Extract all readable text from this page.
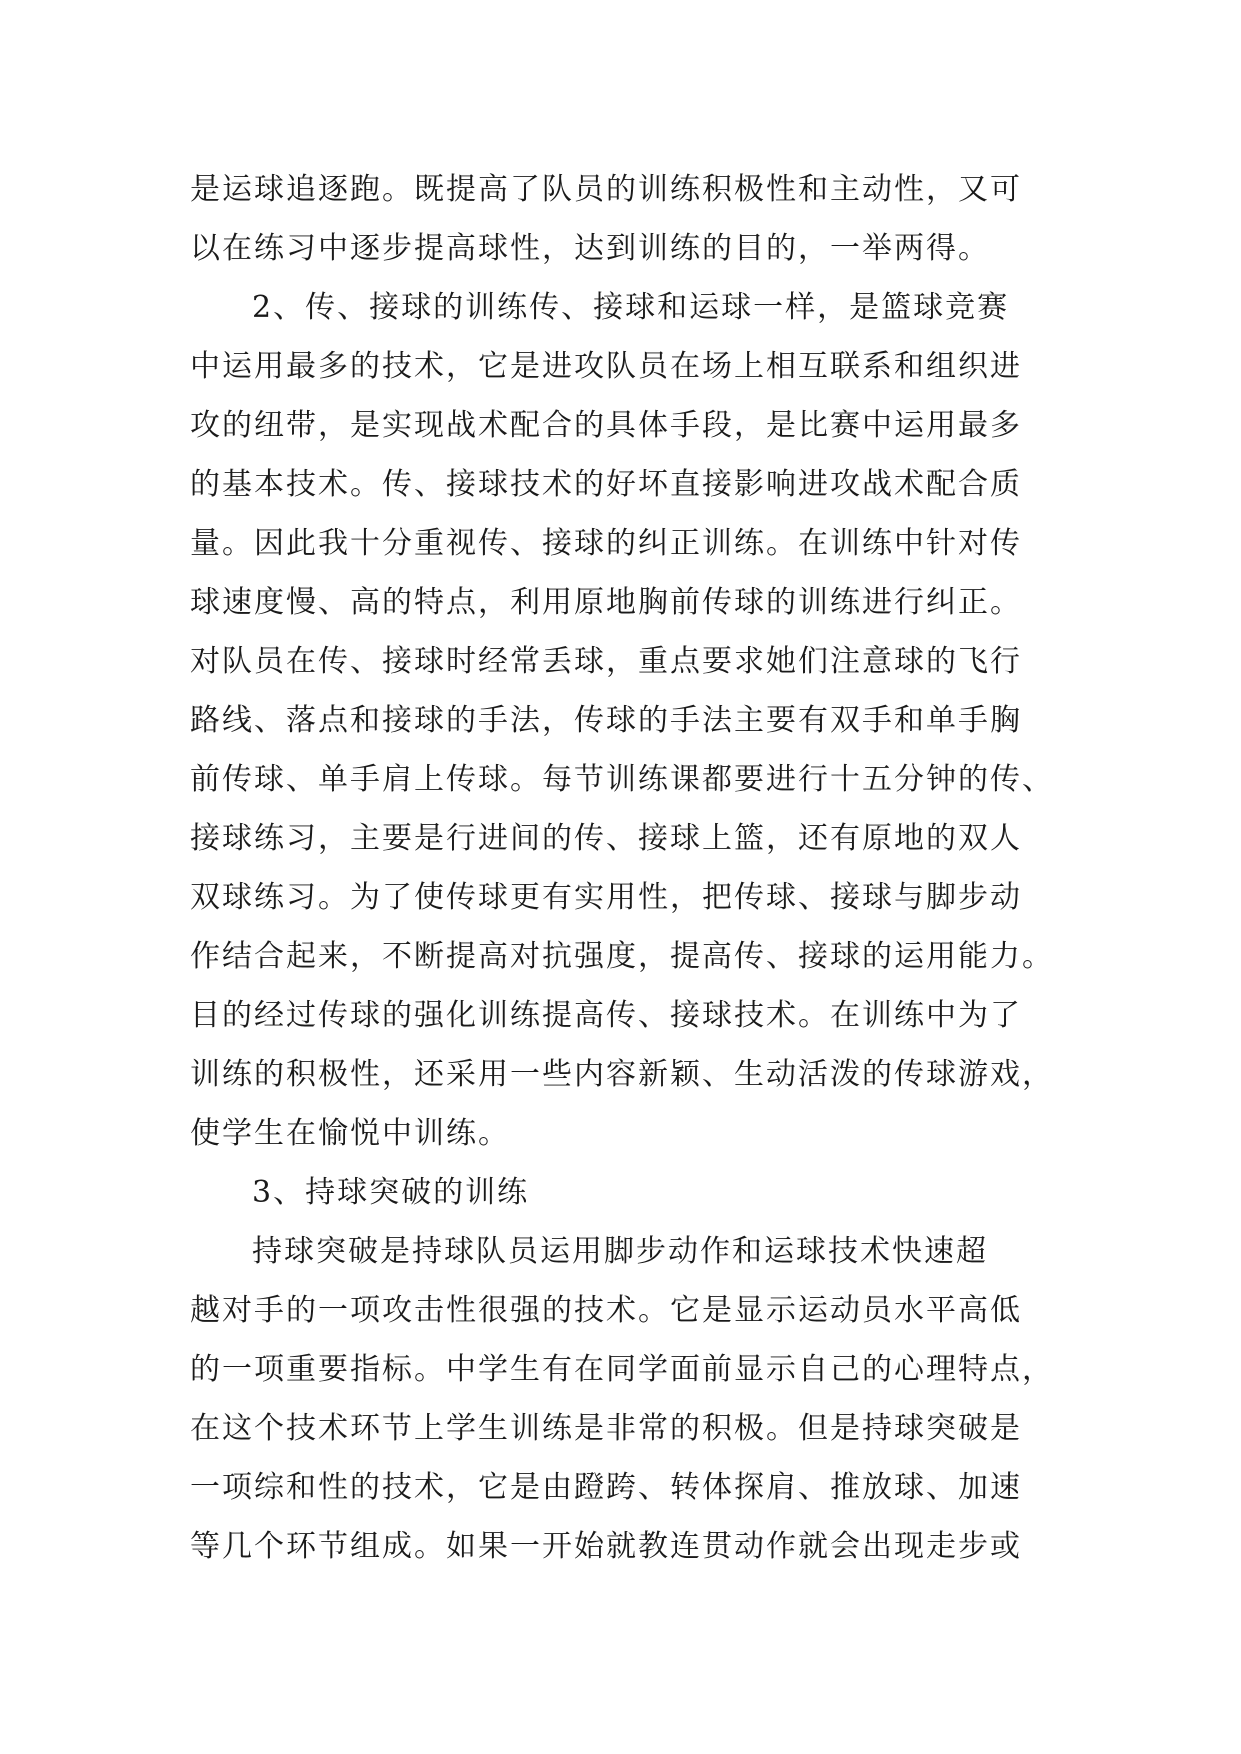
是运球追逐跑。既提高了队员的训练积极性和主动性，又可
以在练习中逐步提高球性，达到训练的目的，一举两得。
2、传、接球的训练传、接球和运球一样，是篮球竞赛
中运用最多的技术，它是进攻队员在场上相互联系和组织进
攻的纽带，是实现战术配合的具体手段，是比赛中运用最多
的基本技术。传、接球技术的好坏直接影响进攻战术配合质
量。因此我十分重视传、接球的纠正训练。在训练中针对传
球速度慢、高的特点，利用原地胸前传球的训练进行纠正。
对队员在传、接球时经常丢球，重点要求她们注意球的飞行
路线、落点和接球的手法，传球的手法主要有双手和单手胸
前传球、单手肩上传球。每节训练课都要进行十五分钟的传、
接球练习，主要是行进间的传、接球上篮，还有原地的双人
双球练习。为了使传球更有实用性，把传球、接球与脚步动
作结合起来，不断提高对抗强度，提高传、接球的运用能力。
目的经过传球的强化训练提高传、接球技术。在训练中为了
训练的积极性，还采用一些内容新颖、生动活泼的传球游戏，
使学生在愉悦中训练。
3、持球突破的训练
持球突破是持球队员运用脚步动作和运球技术快速超
越对手的一项攻击性很强的技术。它是显示运动员水平高低
的一项重要指标。中学生有在同学面前显示自己的心理特点，
在这个技术环节上学生训练是非常的积极。但是持球突破是
一项综和性的技术，它是由蹬跨、转体探肩、推放球、加速
等几个环节组成。如果一开始就教连贯动作就会出现走步或
